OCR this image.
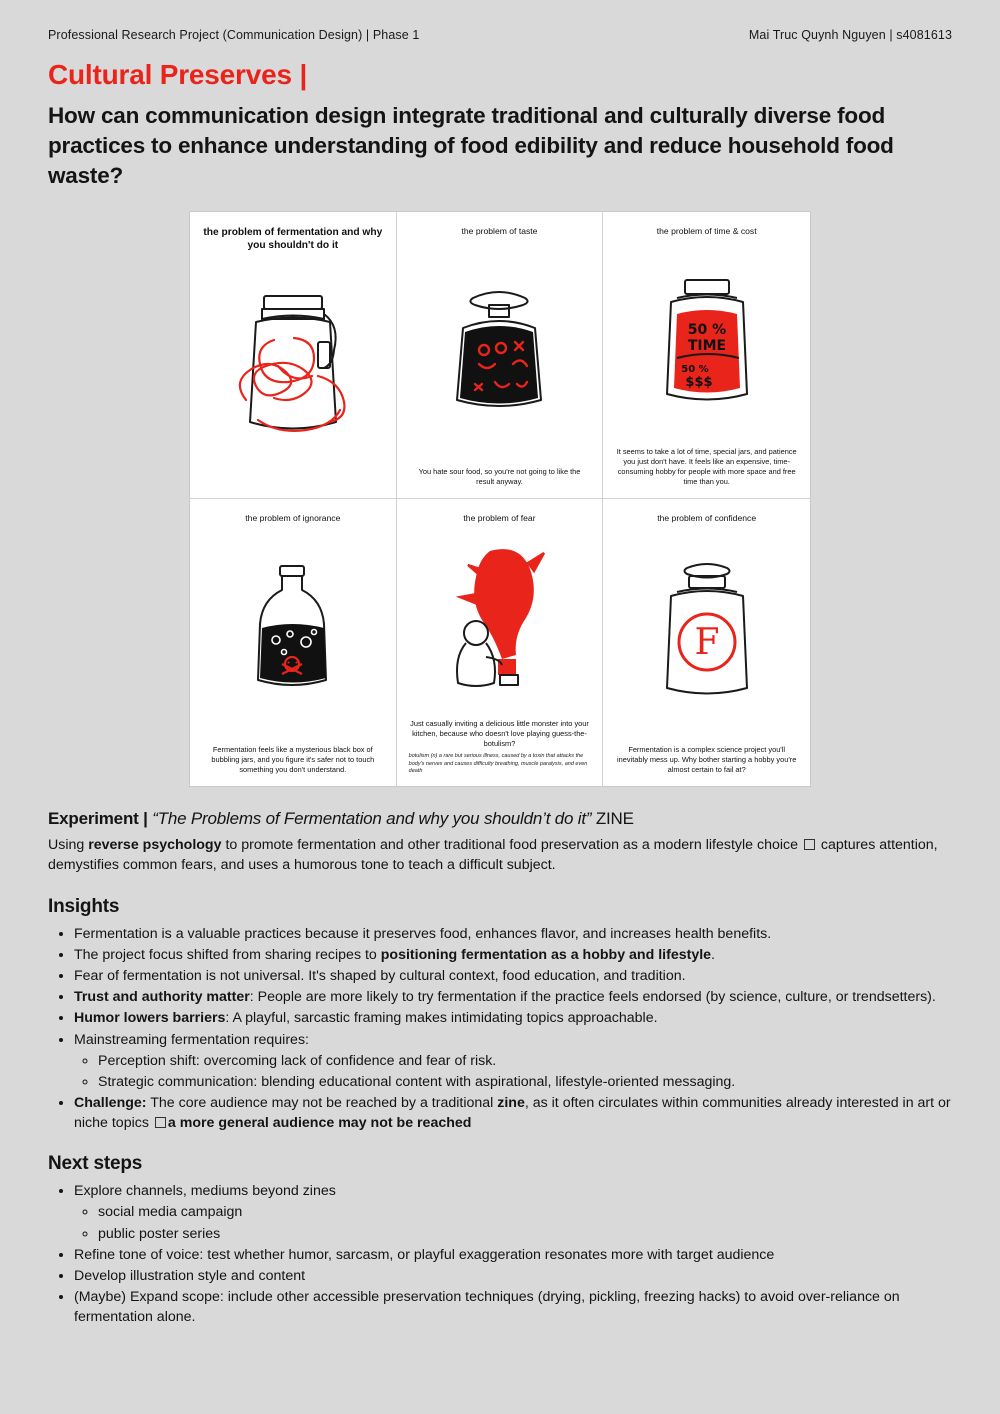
Professional Research Project (Communication Design) | Phase 1	Mai Truc Quynh Nguyen | s4081613
Cultural Preserves |
How can communication design integrate traditional and culturally diverse food practices to enhance understanding of food edibility and reduce household food waste?
the problem of fermentation and why you shouldn't do it
the problem of taste
You hate sour food, so you're not going to like the result anyway.
the problem of time & cost
50 %
TIME
50 %
$$$
It seems to take a lot of time, special jars, and patience you just don't have. It feels like an expensive, time-consuming hobby for people with more space and free time than you.
the problem of ignorance
Fermentation feels like a mysterious black box of bubbling jars, and you figure it's safer not to touch something you don't understand.
the problem of fear
Just casually inviting a delicious little monster into your kitchen, because who doesn't love playing guess-the-botulism?
botulism (n) a rare but serious illness, caused by a toxin that attacks the body's nerves and causes difficulty breathing, muscle paralysis, and even death
the problem of confidence
F
Fermentation is a complex science project you'll inevitably mess up. Why bother starting a hobby you're almost certain to fail at?
Experiment | “The Problems of Fermentation and why you shouldn’t do it” ZINE
Using reverse psychology to promote fermentation and other traditional food preservation as a modern lifestyle choice  captures attention, demystifies common fears, and uses a humorous tone to teach a difficult subject.
Insights
• Fermentation is a valuable practices because it preserves food, enhances flavor, and increases health benefits.
• The project focus shifted from sharing recipes to positioning fermentation as a hobby and lifestyle.
• Fear of fermentation is not universal. It's shaped by cultural context, food education, and tradition.
• Trust and authority matter: People are more likely to try fermentation if the practice feels endorsed (by science, culture, or trendsetters).
• Humor lowers barriers: A playful, sarcastic framing makes intimidating topics approachable.
• Mainstreaming fermentation requires:
◦ Perception shift: overcoming lack of confidence and fear of risk.
◦ Strategic communication: blending educational content with aspirational, lifestyle-oriented messaging.
• Challenge: The core audience may not be reached by a traditional zine, as it often circulates within communities already interested in art or niche topics a more general audience may not be reached
Next steps
• Explore channels, mediums beyond zines
◦ social media campaign
◦ public poster series
• Refine tone of voice: test whether humor, sarcasm, or playful exaggeration resonates more with target audience
• Develop illustration style and content
• (Maybe) Expand scope: include other accessible preservation techniques (drying, pickling, freezing hacks) to avoid over-reliance on fermentation alone.
